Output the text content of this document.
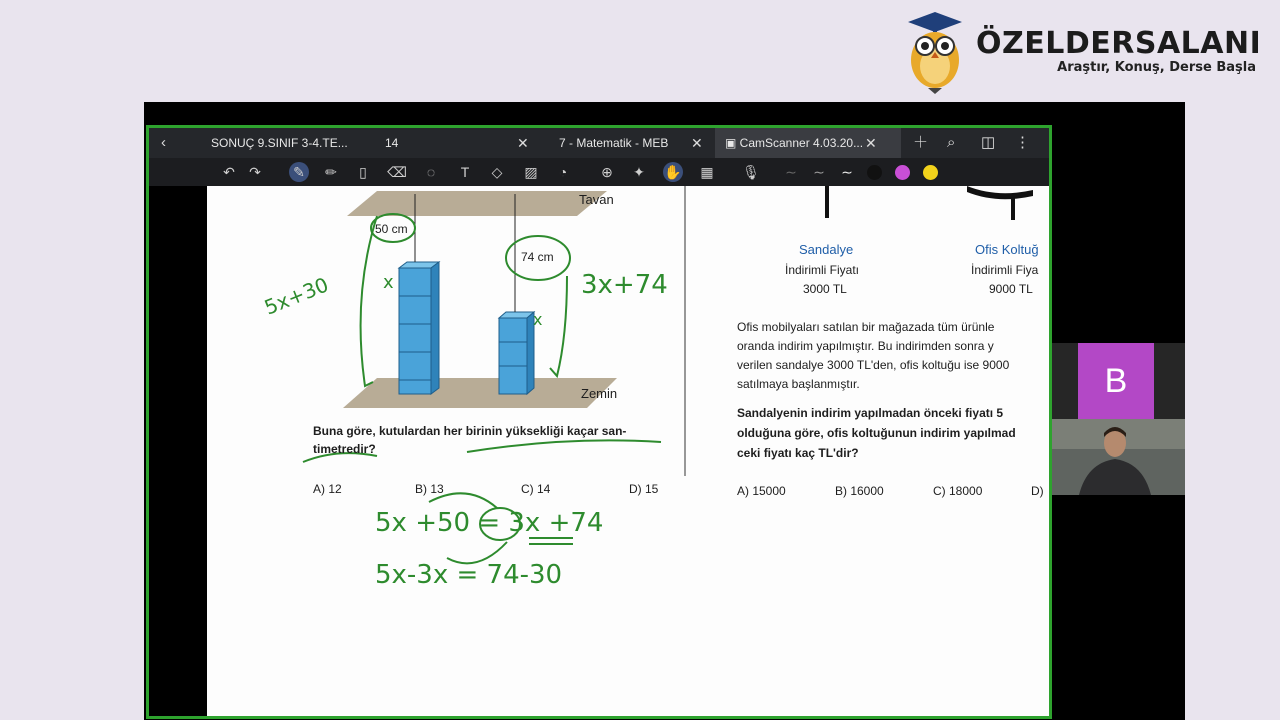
ÖZELDERSALANI
Araştır, Konuş, Derse Başla
B
‹	SONUÇ 9.SINIF 3-4.TE...	14	✕	7 - Matematik - MEB ✕	▣ CamScanner 4.03.20... ✕ ＋ ⌕ ◫ ⋮
↶ ↷ ✎ ✏	▯	⌫	◌	T	◇	▨	◔	⊕ ✦ ✋ ▦ 🎙 ∼ ∼ ∼
Tavan
Zemin
50 cm
74 cm
Buna göre, kutulardan her birinin yüksekliği kaçar san-
timetredir?
A) 12	B) 13	C) 14	D) 15
Sandalye
İndirimli Fiyatı
3000 TL
Ofis Koltuğ
İndirimli Fiya
9000 TL
Ofis mobilyaları satılan bir mağazada tüm ürünle
oranda indirim yapılmıştır. Bu indirimden sonra y
verilen sandalye 3000 TL'den, ofis koltuğu ise 9000
satılmaya başlanmıştır.
Sandalyenin indirim yapılmadan önceki fiyatı 5
olduğuna göre, ofis koltuğunun indirim yapılmad
ceki fiyatı kaç TL'dir?
A) 15000	B) 16000	C) 18000	D)
5x+30	3x+74
x
x
5x +50 = 3x +74
5x-3x = 74-30
